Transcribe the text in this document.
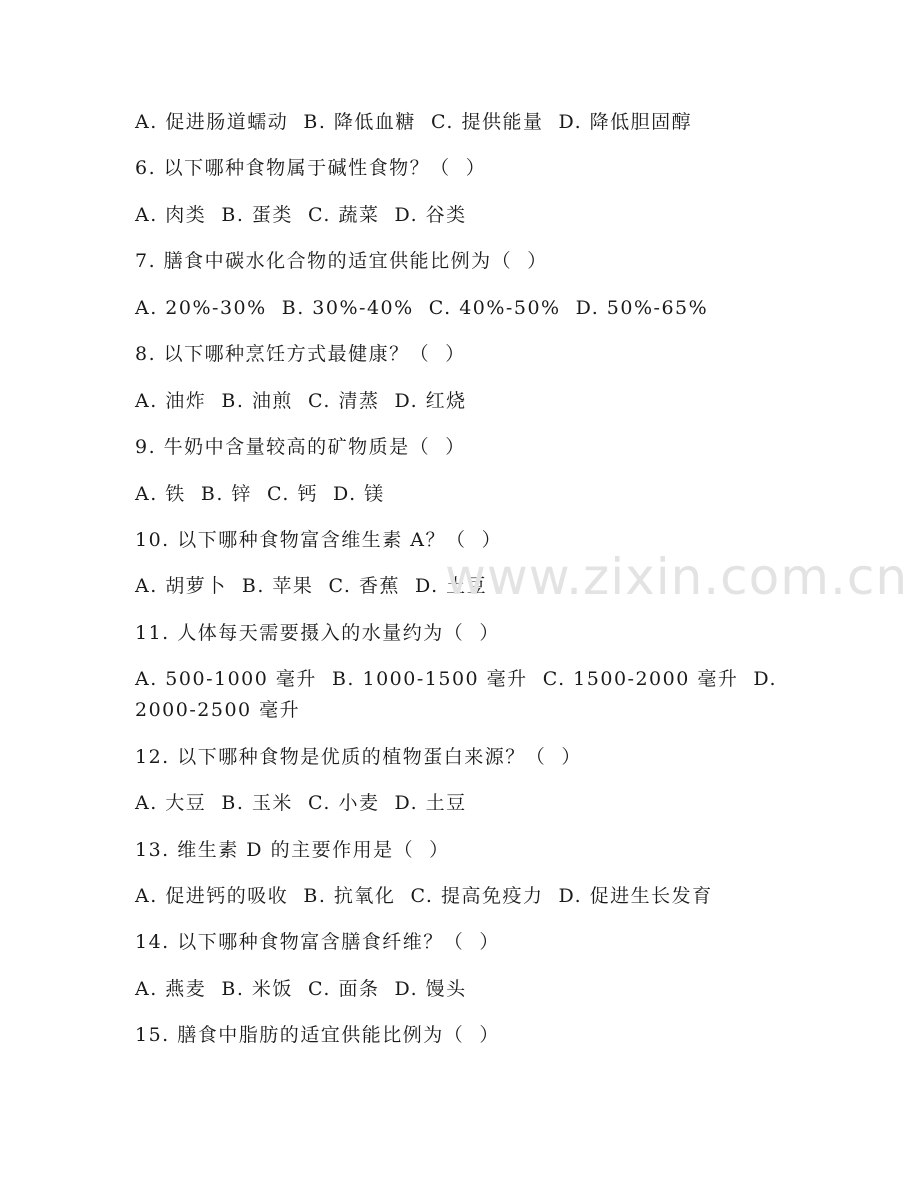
A. 促进肠道蠕动  B. 降低血糖  C. 提供能量  D. 降低胆固醇
6. 以下哪种食物属于碱性食物？（  ）
A. 肉类  B. 蛋类  C. 蔬菜  D. 谷类
7. 膳食中碳水化合物的适宜供能比例为（  ）
A. 20%-30%  B. 30%-40%  C. 40%-50%  D. 50%-65%
8. 以下哪种烹饪方式最健康？（  ）
A. 油炸  B. 油煎  C. 清蒸  D. 红烧
9. 牛奶中含量较高的矿物质是（  ）
A. 铁  B. 锌  C. 钙  D. 镁
10. 以下哪种食物富含维生素 A？（  ）
A. 胡萝卜  B. 苹果  C. 香蕉  D. 土豆
11. 人体每天需要摄入的水量约为（  ）
A. 500-1000 毫升  B. 1000-1500 毫升  C. 1500-2000 毫升  D. 2000-2500 毫升
12. 以下哪种食物是优质的植物蛋白来源？（  ）
A. 大豆  B. 玉米  C. 小麦  D. 土豆
13. 维生素 D 的主要作用是（  ）
A. 促进钙的吸收  B. 抗氧化  C. 提高免疫力  D. 促进生长发育
14. 以下哪种食物富含膳食纤维？（  ）
A. 燕麦  B. 米饭  C. 面条  D. 馒头
15. 膳食中脂肪的适宜供能比例为（  ）
www.zixin.com.cn
